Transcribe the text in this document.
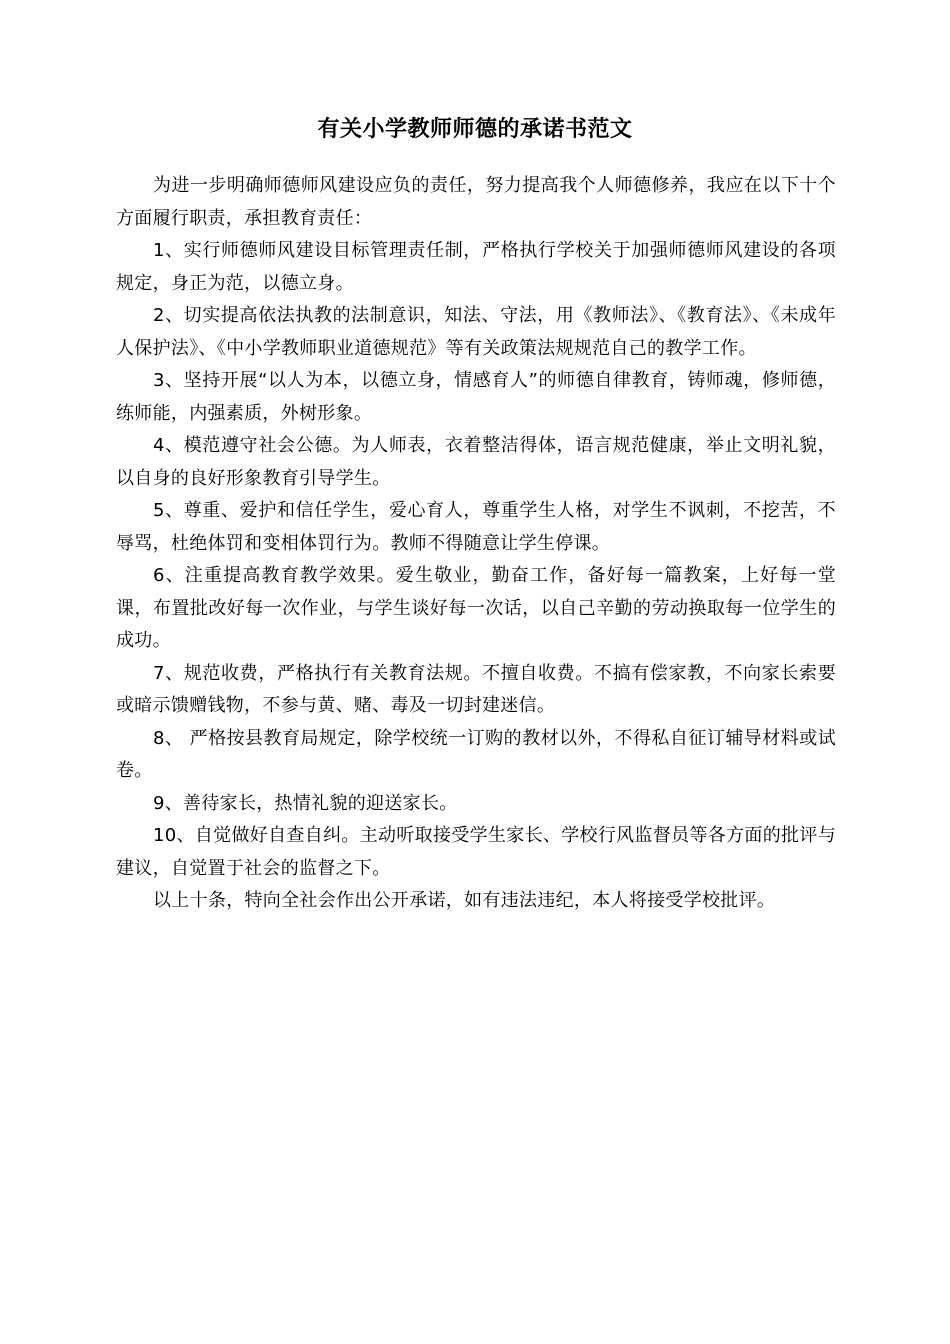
有关小学教师师德的承诺书范文

为进一步明确师德师风建设应负的责任，努力提高我个人师德修养，我应在以下十个方面履行职责，承担教育责任：

1、实行师德师风建设目标管理责任制，严格执行学校关于加强师德师风建设的各项规定，身正为范，以德立身。

2、切实提高依法执教的法制意识，知法、守法，用《教师法》、《教育法》、《未成年人保护法》、《中小学教师职业道德规范》等有关政策法规规范自己的教学工作。

3、坚持开展“以人为本，以德立身，情感育人”的师德自律教育，铸师魂，修师德，练师能，内强素质，外树形象。

4、模范遵守社会公德。为人师表，衣着整洁得体，语言规范健康，举止文明礼貌，以自身的良好形象教育引导学生。

5、尊重、爱护和信任学生，爱心育人，尊重学生人格，对学生不讽刺，不挖苦，不辱骂，杜绝体罚和变相体罚行为。教师不得随意让学生停课。

6、注重提高教育教学效果。爱生敬业，勤奋工作，备好每一篇教案，上好每一堂课，布置批改好每一次作业，与学生谈好每一次话，以自己辛勤的劳动换取每一位学生的成功。

7、规范收费，严格执行有关教育法规。不擅自收费。不搞有偿家教，不向家长索要或暗示馈赠钱物，不参与黄、赌、毒及一切封建迷信。

8、 严格按县教育局规定，除学校统一订购的教材以外，不得私自征订辅导材料或试卷。

9、善待家长，热情礼貌的迎送家长。

10、自觉做好自查自纠。主动听取接受学生家长、学校行风监督员等各方面的批评与建议，自觉置于社会的监督之下。

以上十条，特向全社会作出公开承诺，如有违法违纪，本人将接受学校批评。
